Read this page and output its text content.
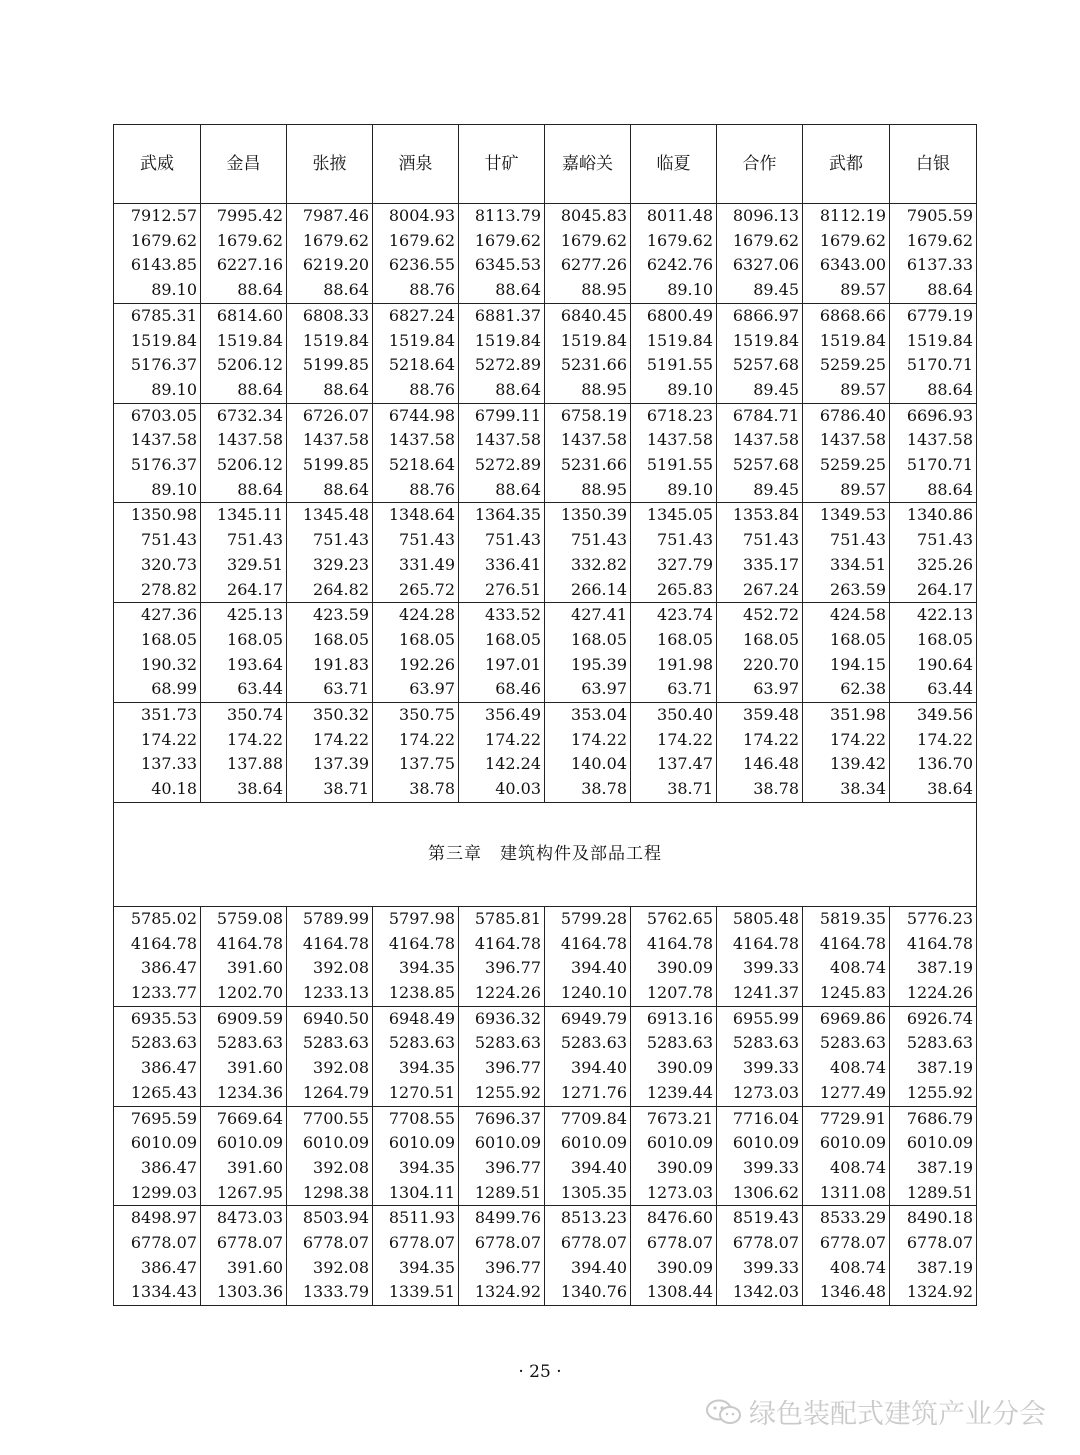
武威	金昌	张掖	酒泉	甘矿	嘉峪关	临夏	合作	武都	白银
7912.57	7995.42	7987.46	8004.93	8113.79	8045.83	8011.48	8096.13	8112.19	7905.59
1679.62	1679.62	1679.62	1679.62	1679.62	1679.62	1679.62	1679.62	1679.62	1679.62
6143.85	6227.16	6219.20	6236.55	6345.53	6277.26	6242.76	6327.06	6343.00	6137.33
89.10	88.64	88.64	88.76	88.64	88.95	89.10	89.45	89.57	88.64
6785.31	6814.60	6808.33	6827.24	6881.37	6840.45	6800.49	6866.97	6868.66	6779.19
1519.84	1519.84	1519.84	1519.84	1519.84	1519.84	1519.84	1519.84	1519.84	1519.84
5176.37	5206.12	5199.85	5218.64	5272.89	5231.66	5191.55	5257.68	5259.25	5170.71
89.10	88.64	88.64	88.76	88.64	88.95	89.10	89.45	89.57	88.64
6703.05	6732.34	6726.07	6744.98	6799.11	6758.19	6718.23	6784.71	6786.40	6696.93
1437.58	1437.58	1437.58	1437.58	1437.58	1437.58	1437.58	1437.58	1437.58	1437.58
5176.37	5206.12	5199.85	5218.64	5272.89	5231.66	5191.55	5257.68	5259.25	5170.71
89.10	88.64	88.64	88.76	88.64	88.95	89.10	89.45	89.57	88.64
1350.98	1345.11	1345.48	1348.64	1364.35	1350.39	1345.05	1353.84	1349.53	1340.86
751.43	751.43	751.43	751.43	751.43	751.43	751.43	751.43	751.43	751.43
320.73	329.51	329.23	331.49	336.41	332.82	327.79	335.17	334.51	325.26
278.82	264.17	264.82	265.72	276.51	266.14	265.83	267.24	263.59	264.17
427.36	425.13	423.59	424.28	433.52	427.41	423.74	452.72	424.58	422.13
168.05	168.05	168.05	168.05	168.05	168.05	168.05	168.05	168.05	168.05
190.32	193.64	191.83	192.26	197.01	195.39	191.98	220.70	194.15	190.64
68.99	63.44	63.71	63.97	68.46	63.97	63.71	63.97	62.38	63.44
351.73	350.74	350.32	350.75	356.49	353.04	350.40	359.48	351.98	349.56
174.22	174.22	174.22	174.22	174.22	174.22	174.22	174.22	174.22	174.22
137.33	137.88	137.39	137.75	142.24	140.04	137.47	146.48	139.42	136.70
40.18	38.64	38.71	38.78	40.03	38.78	38.71	38.78	38.34	38.64
第三章　建筑构件及部品工程									
5785.02	5759.08	5789.99	5797.98	5785.81	5799.28	5762.65	5805.48	5819.35	5776.23
4164.78	4164.78	4164.78	4164.78	4164.78	4164.78	4164.78	4164.78	4164.78	4164.78
386.47	391.60	392.08	394.35	396.77	394.40	390.09	399.33	408.74	387.19
1233.77	1202.70	1233.13	1238.85	1224.26	1240.10	1207.78	1241.37	1245.83	1224.26
6935.53	6909.59	6940.50	6948.49	6936.32	6949.79	6913.16	6955.99	6969.86	6926.74
5283.63	5283.63	5283.63	5283.63	5283.63	5283.63	5283.63	5283.63	5283.63	5283.63
386.47	391.60	392.08	394.35	396.77	394.40	390.09	399.33	408.74	387.19
1265.43	1234.36	1264.79	1270.51	1255.92	1271.76	1239.44	1273.03	1277.49	1255.92
7695.59	7669.64	7700.55	7708.55	7696.37	7709.84	7673.21	7716.04	7729.91	7686.79
6010.09	6010.09	6010.09	6010.09	6010.09	6010.09	6010.09	6010.09	6010.09	6010.09
386.47	391.60	392.08	394.35	396.77	394.40	390.09	399.33	408.74	387.19
1299.03	1267.95	1298.38	1304.11	1289.51	1305.35	1273.03	1306.62	1311.08	1289.51
8498.97	8473.03	8503.94	8511.93	8499.76	8513.23	8476.60	8519.43	8533.29	8490.18
6778.07	6778.07	6778.07	6778.07	6778.07	6778.07	6778.07	6778.07	6778.07	6778.07
386.47	391.60	392.08	394.35	396.77	394.40	390.09	399.33	408.74	387.19
1334.43	1303.36	1333.79	1339.51	1324.92	1340.76	1308.44	1342.03	1346.48	1324.92
· 25 ·
绿色装配式建筑产业分会
